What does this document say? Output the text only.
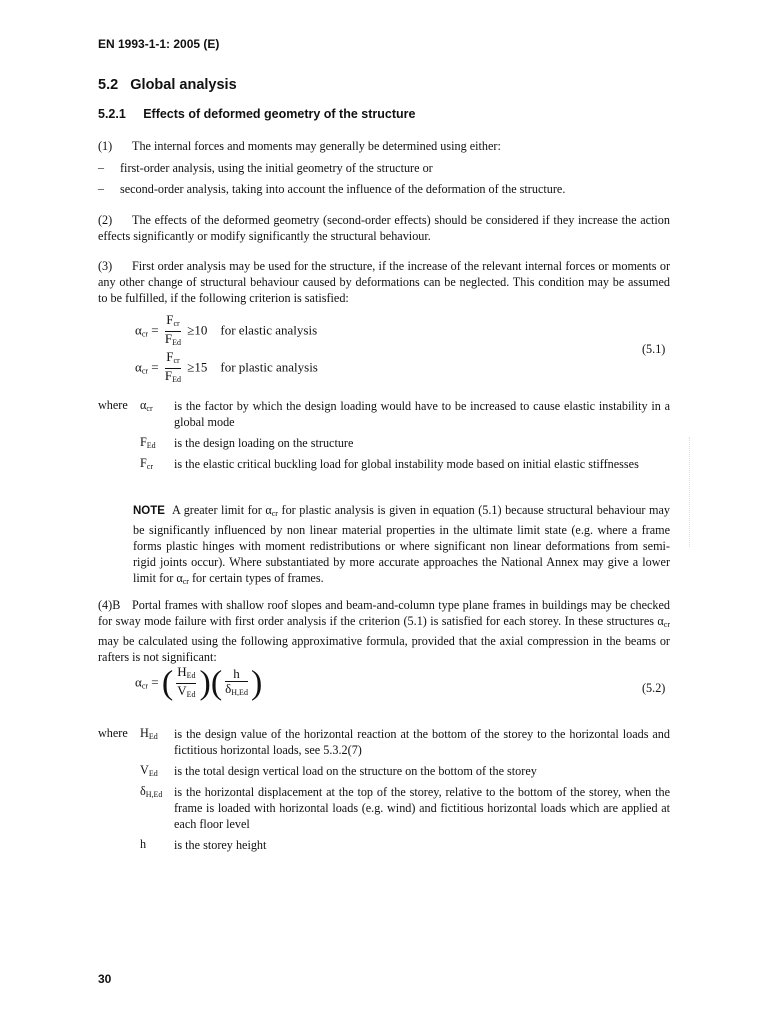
EN 1993-1-1: 2005 (E)
5.2 Global analysis
5.2.1 Effects of deformed geometry of the structure
(1) The internal forces and moments may generally be determined using either:
– first-order analysis, using the initial geometry of the structure or
– second-order analysis, taking into account the influence of the deformation of the structure.
(2) The effects of the deformed geometry (second-order effects) should be considered if they increase the action effects significantly or modify significantly the structural behaviour.
(3) First order analysis may be used for the structure, if the increase of the relevant internal forces or moments or any other change of structural behaviour caused by deformations can be neglected. This condition may be assumed to be fulfilled, if the following criterion is satisfied:
$\alpha_{cr} = \frac{F_{cr}}{F_{Ed}} \ge 10$ for elastic analysis
$\alpha_{cr} = \frac{F_{cr}}{F_{Ed}} \ge 15$ for plastic analysis
(5.1)
where $\alpha_{cr}$ is the factor by which the design loading would have to be increased to cause elastic instability in a global mode
$F_{Ed}$ is the design loading on the structure
$F_{cr}$ is the elastic critical buckling load for global instability mode based on initial elastic stiffnesses
NOTE A greater limit for $\alpha_{cr}$ for plastic analysis is given in equation (5.1) because structural behaviour may be significantly influenced by non linear material properties in the ultimate limit state (e.g. where a frame forms plastic hinges with moment redistributions or where significant non linear deformations from semi-rigid joints occur). Where substantiated by more accurate approaches the National Annex may give a lower limit for $\alpha_{cr}$ for certain types of frames.
(4)B Portal frames with shallow roof slopes and beam-and-column type plane frames in buildings may be checked for sway mode failure with first order analysis if the criterion (5.1) is satisfied for each storey. In these structures $\alpha_{cr}$ may be calculated using the following approximative formula, provided that the axial compression in the beams or rafters is not significant:
$\alpha_{cr}$ = ( $\frac{H_{Ed}}{V_{Ed}}$ )( $\frac{h}{\delta_{H,Ed}}$ )	(5.2)
where $H_{Ed}$ is the design value of the horizontal reaction at the bottom of the storey to the horizontal loads and fictitious horizontal loads, see 5.3.2(7)
$V_{Ed}$ is the total design vertical load on the structure on the bottom of the storey
$\delta_{H,Ed}$ is the horizontal displacement at the top of the storey, relative to the bottom of the storey, when the frame is loaded with horizontal loads (e.g. wind) and fictitious horizontal loads which are applied at each floor level
h is the storey height
30
